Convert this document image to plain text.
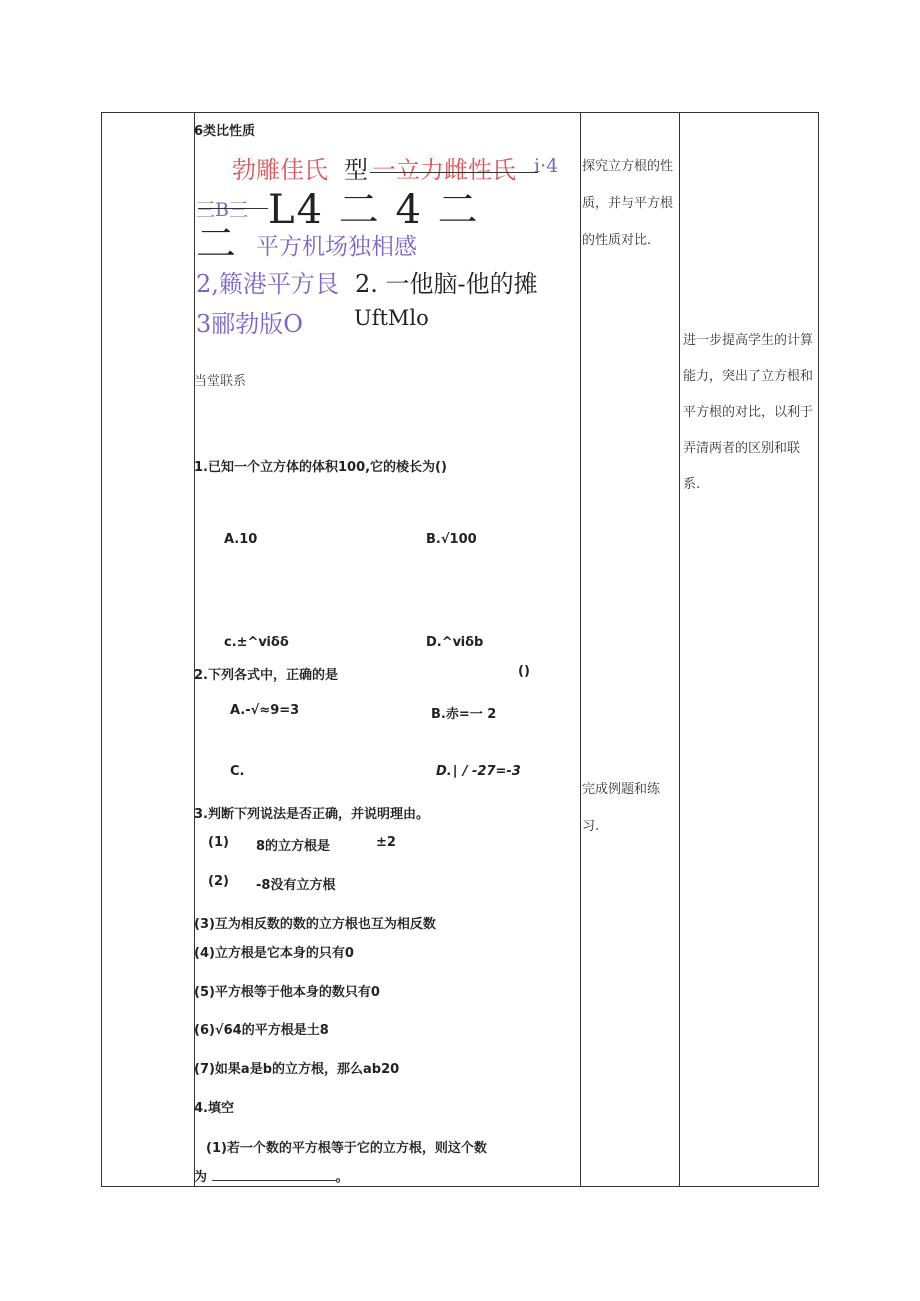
6类比性质
勃雕佳氏 型 一立力雌性氏 i·4
三B三 L4 二 4 二
二 平方机场独相感
2,籁港平方艮 2. 一他脑-他的摊
3郦勃版O UftMlo
当堂联系
1.已知一个立方体的体积100,它的棱长为()
A.10	B.√100
c.±^ⅵδδ	D.^ⅵδb
2.下列各式中，正确的是	()
A.-√≈9=3	B.赤=一 2
C.	D.∣ / -27=-3
3.判断下列说法是否正确，并说明理由。
(1) 8的立方根是	±2
(2) -8没有立方根
(3)互为相反数的数的立方根也互为相反数
(4)立方根是它本身的只有0
(5)平方根等于他本身的数只有0
(6)√64的平方根是土8
(7)如果a是b的立方根，那么ab20
4.填空
(1)若一个数的平方根等于它的立方根，则这个数
为	。
探究立方根的性质，并与平方根的性质对比.
完成例题和练习.
进一步提高学生的计算能力，突出了立方根和平方根的对比，以利于弄清两者的区别和联系.
